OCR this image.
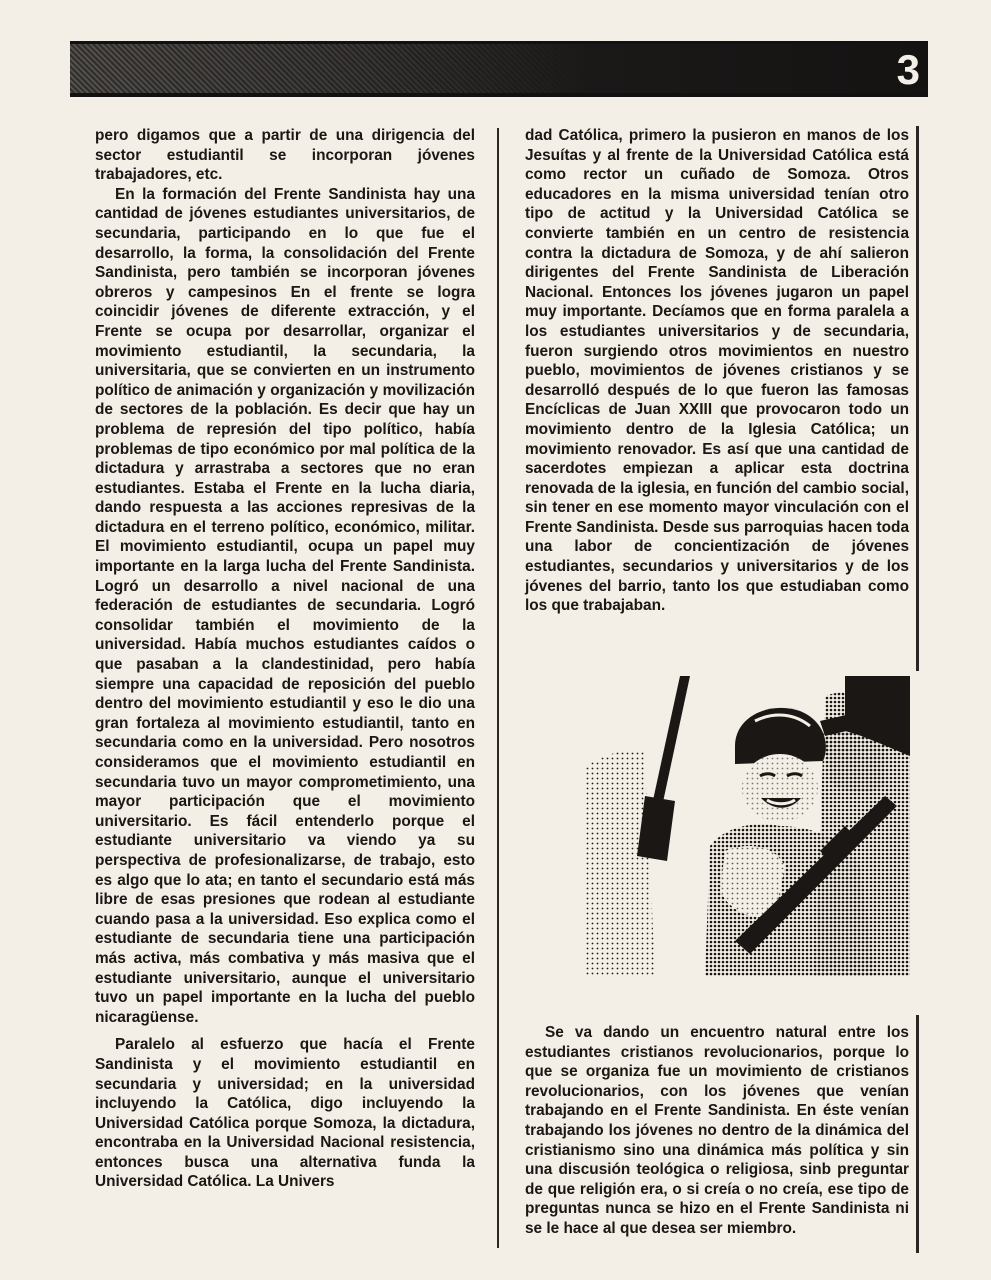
3

pero digamos que a partir de una dirigencia del sector estudiantil se incorporan jóvenes trabajadores, etc.

En la formación del Frente Sandinista hay una cantidad de jóvenes estudiantes universitarios, de secundaria, participando en lo que fue el desarrollo, la forma, la consolidación del Frente Sandinista, pero también se incorporan jóvenes obreros y campesinos En el frente se logra coincidir jóvenes de diferente extracción, y el Frente se ocupa por desarrollar, organizar el movimiento estudiantil, la secundaria, la universitaria, que se convierten en un instrumento político de animación y organización y movilización de sectores de la población. Es decir que hay un problema de represión del tipo político, había problemas de tipo económico por mal política de la dictadura y arrastraba a sectores que no eran estudiantes. Estaba el Frente en la lucha diaria, dando respuesta a las acciones represivas de la dictadura en el terreno político, económico, militar. El movimiento estudiantil, ocupa un papel muy importante en la larga lucha del Frente Sandinista. Logró un desarrollo a nivel nacional de una federación de estudiantes de secundaria. Logró consolidar también el movimiento de la universidad. Había muchos estudiantes caídos o que pasaban a la clandestinidad, pero había siempre una capacidad de reposición del pueblo dentro del movimiento estudiantil y eso le dio una gran fortaleza al movimiento estudiantil, tanto en secundaria como en la universidad. Pero nosotros consideramos que el movimiento estudiantil en secundaria tuvo un mayor comprometimiento, una mayor participación que el movimiento universitario. Es fácil entenderlo porque el estudiante universitario va viendo ya su perspectiva de profesionalizarse, de trabajo, esto es algo que lo ata; en tanto el secundario está más libre de esas presiones que rodean al estudiante cuando pasa a la universidad. Eso explica como el estudiante de secundaria tiene una participación más activa, más combativa y más masiva que el estudiante universitario, aunque el universitario tuvo un papel importante en la lucha del pueblo nicaragüense.

Paralelo al esfuerzo que hacía el Frente Sandinista y el movimiento estudiantil en secundaria y universidad; en la universidad incluyendo la Católica, digo incluyendo la Universidad Católica porque Somoza, la dictadura, encontraba en la Universidad Nacional resistencia, entonces busca una alternativa funda la Universidad Católica. La Univers

dad Católica, primero la pusieron en manos de los Jesuítas y al frente de la Universidad Católica está como rector un cuñado de Somoza. Otros educadores en la misma universidad tenían otro tipo de actitud y la Universidad Católica se convierte también en un centro de resistencia contra la dictadura de Somoza, y de ahí salieron dirigentes del Frente Sandinista de Liberación Nacional. Entonces los jóvenes jugaron un papel muy importante. Decíamos que en forma paralela a los estudiantes universitarios y de secundaria, fueron surgiendo otros movimientos en nuestro pueblo, movimientos de jóvenes cristianos y se desarrolló después de lo que fueron las famosas Encíclicas de Juan XXIII que provocaron todo un movimiento dentro de la Iglesia Católica; un movimiento renovador. Es así que una cantidad de sacerdotes empiezan a aplicar esta doctrina renovada de la iglesia, en función del cambio social, sin tener en ese momento mayor vinculación con el Frente Sandinista. Desde sus parroquias hacen toda una labor de concientización de jóvenes estudiantes, secundarios y universitarios y de los jóvenes del barrio, tanto los que estudiaban como los que trabajaban.

Se va dando un encuentro natural entre los estudiantes cristianos revolucionarios, porque lo que se organiza fue un movimiento de cristianos revolucionarios, con los jóvenes que venían trabajando en el Frente Sandinista. En éste venían trabajando los jóvenes no dentro de la dinámica del cristianismo sino una dinámica más política y sin una discusión teológica o religiosa, sinb preguntar de que religión era, o si creía o no creía, ese tipo de preguntas nunca se hizo en el Frente Sandinista ni se le hace al que desea ser miembro.
